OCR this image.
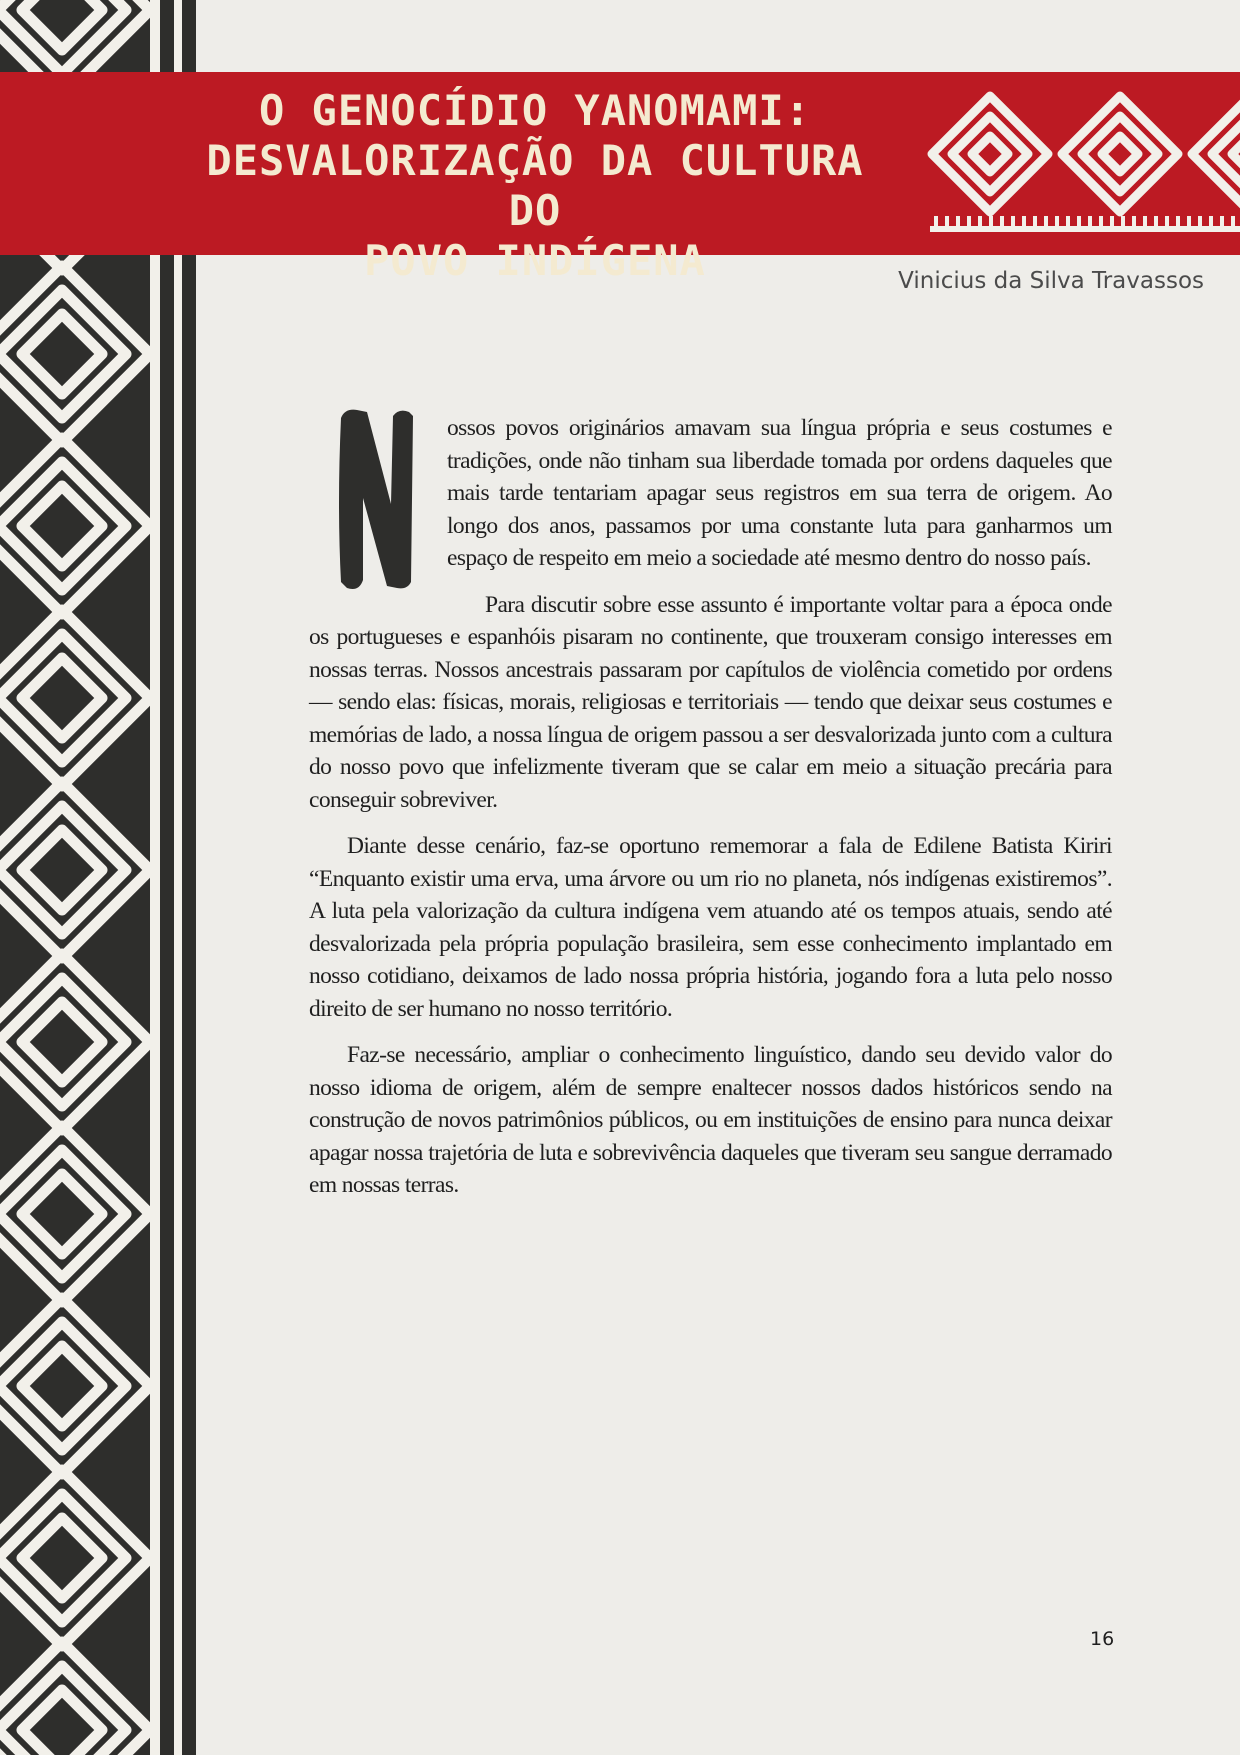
O GENOCÍDIO YANOMAMI:
DESVALORIZAÇÃO DA CULTURA DO
POVO INDÍGENA	Vinicius da Silva Travassos

ossos povos originários amavam sua língua própria e seus costumes e tradições, onde não tinham sua liberdade tomada por ordens daqueles que mais tarde tentariam apagar seus registros em sua terra de origem. Ao longo dos anos, passamos por uma constante luta para ganharmos um espaço de respeito em meio a sociedade até mesmo dentro do nosso país.

Para discutir sobre esse assunto é importante voltar para a época onde os portugueses e espanhóis pisaram no continente, que trouxeram consigo interesses em nossas terras. Nossos ancestrais passaram por capítulos de violência cometido por ordens — sendo elas: físicas, morais, religiosas e territoriais — tendo que deixar seus costumes e memórias de lado, a nossa língua de origem passou a ser desvalorizada junto com a cultura do nosso povo que infelizmente tiveram que se calar em meio a situação precária para conseguir sobreviver.

Diante desse cenário, faz-se oportuno rememorar a fala de Edilene Batista Kiriri “Enquanto existir uma erva, uma árvore ou um rio no planeta, nós indígenas existiremos”. A luta pela valorização da cultura indígena vem atuando até os tempos atuais, sendo até desvalorizada pela própria população brasileira, sem esse conhecimento implantado em nosso cotidiano, deixamos de lado nossa própria história, jogando fora a luta pelo nosso direito de ser humano no nosso território.

Faz-se necessário, ampliar o conhecimento linguístico, dando seu devido valor do nosso idioma de origem, além de sempre enaltecer nossos dados históricos sendo na construção de novos patrimônios públicos, ou em instituições de ensino para nunca deixar apagar nossa trajetória de luta e sobrevivência daqueles que tiveram seu sangue derramado em nossas terras.

16
